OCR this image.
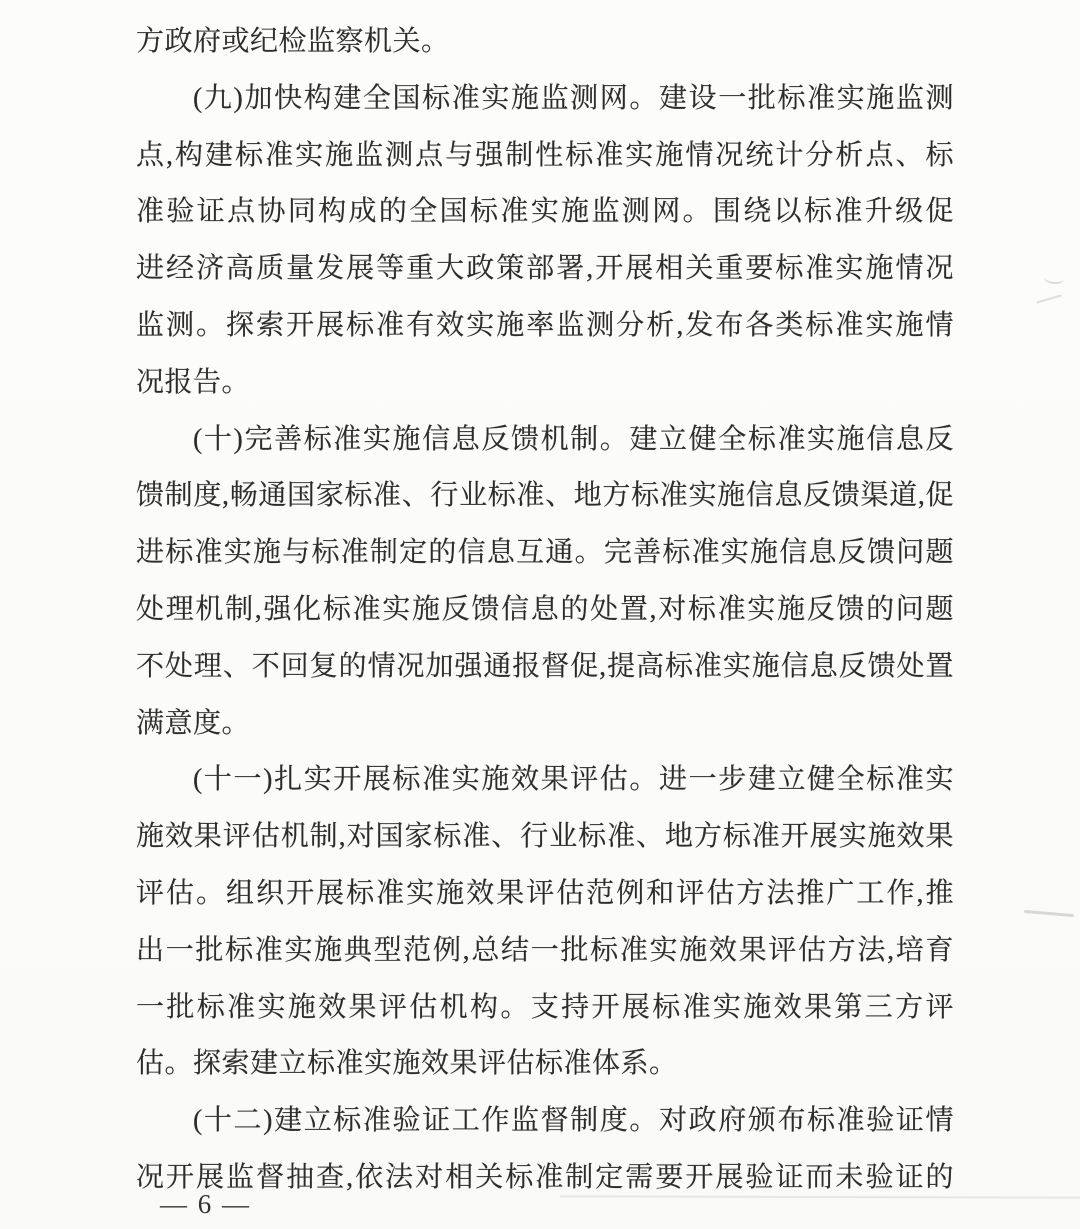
方政府或纪检监察机关。
(九)加快构建全国标准实施监测网。建设一批标准实施监测
点,构建标准实施监测点与强制性标准实施情况统计分析点、标
准验证点协同构成的全国标准实施监测网。围绕以标准升级促
进经济高质量发展等重大政策部署,开展相关重要标准实施情况
监测。探索开展标准有效实施率监测分析,发布各类标准实施情
况报告。
(十)完善标准实施信息反馈机制。建立健全标准实施信息反
馈制度,畅通国家标准、行业标准、地方标准实施信息反馈渠道,促
进标准实施与标准制定的信息互通。完善标准实施信息反馈问题
处理机制,强化标准实施反馈信息的处置,对标准实施反馈的问题
不处理、不回复的情况加强通报督促,提高标准实施信息反馈处置
满意度。
(十一)扎实开展标准实施效果评估。进一步建立健全标准实
施效果评估机制,对国家标准、行业标准、地方标准开展实施效果
评估。组织开展标准实施效果评估范例和评估方法推广工作,推
出一批标准实施典型范例,总结一批标准实施效果评估方法,培育
一批标准实施效果评估机构。支持开展标准实施效果第三方评
估。探索建立标准实施效果评估标准体系。
(十二)建立标准验证工作监督制度。对政府颁布标准验证情
况开展监督抽查,依法对相关标准制定需要开展验证而未验证的
— 6 —
